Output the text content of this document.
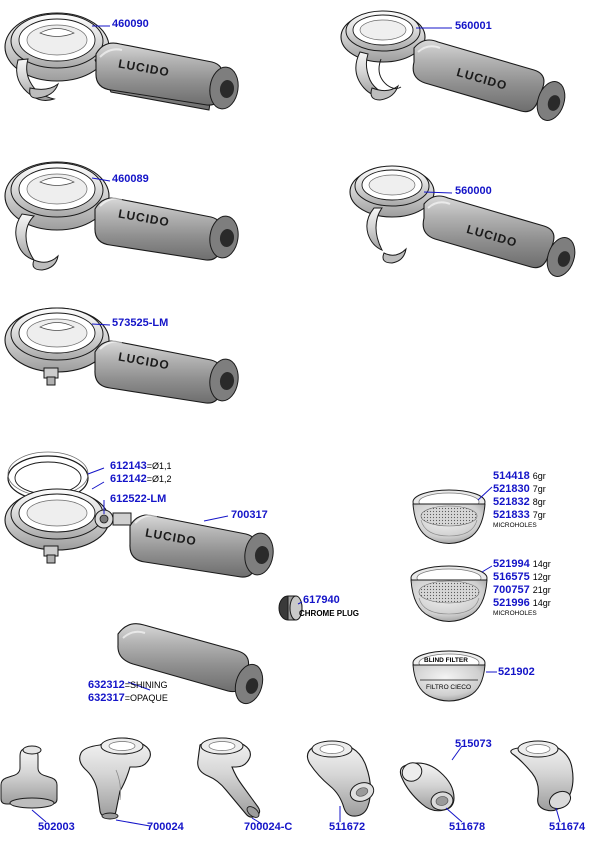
LUCIDO	LUCIDO
LUCIDO
LUCIDO
LUCIDO
LUCIDO
460090	560001
460089
560000
573525-LM
700317
612143=Ø1,1
612142=Ø1,2
612522-LM
617940
CHROME PLUG
632312=SHINING
632317=OPAQUE
514418 6gr
521830 7gr
521832 8gr
521833 7gr
MICROHOLES
521994 14gr
516575 12gr
700757 21gr
521996 14gr
MICROHOLES
BLIND FILTER
FILTRO CIECO
521902
502003	700024	700024-C	511672
515073
511678	511674
